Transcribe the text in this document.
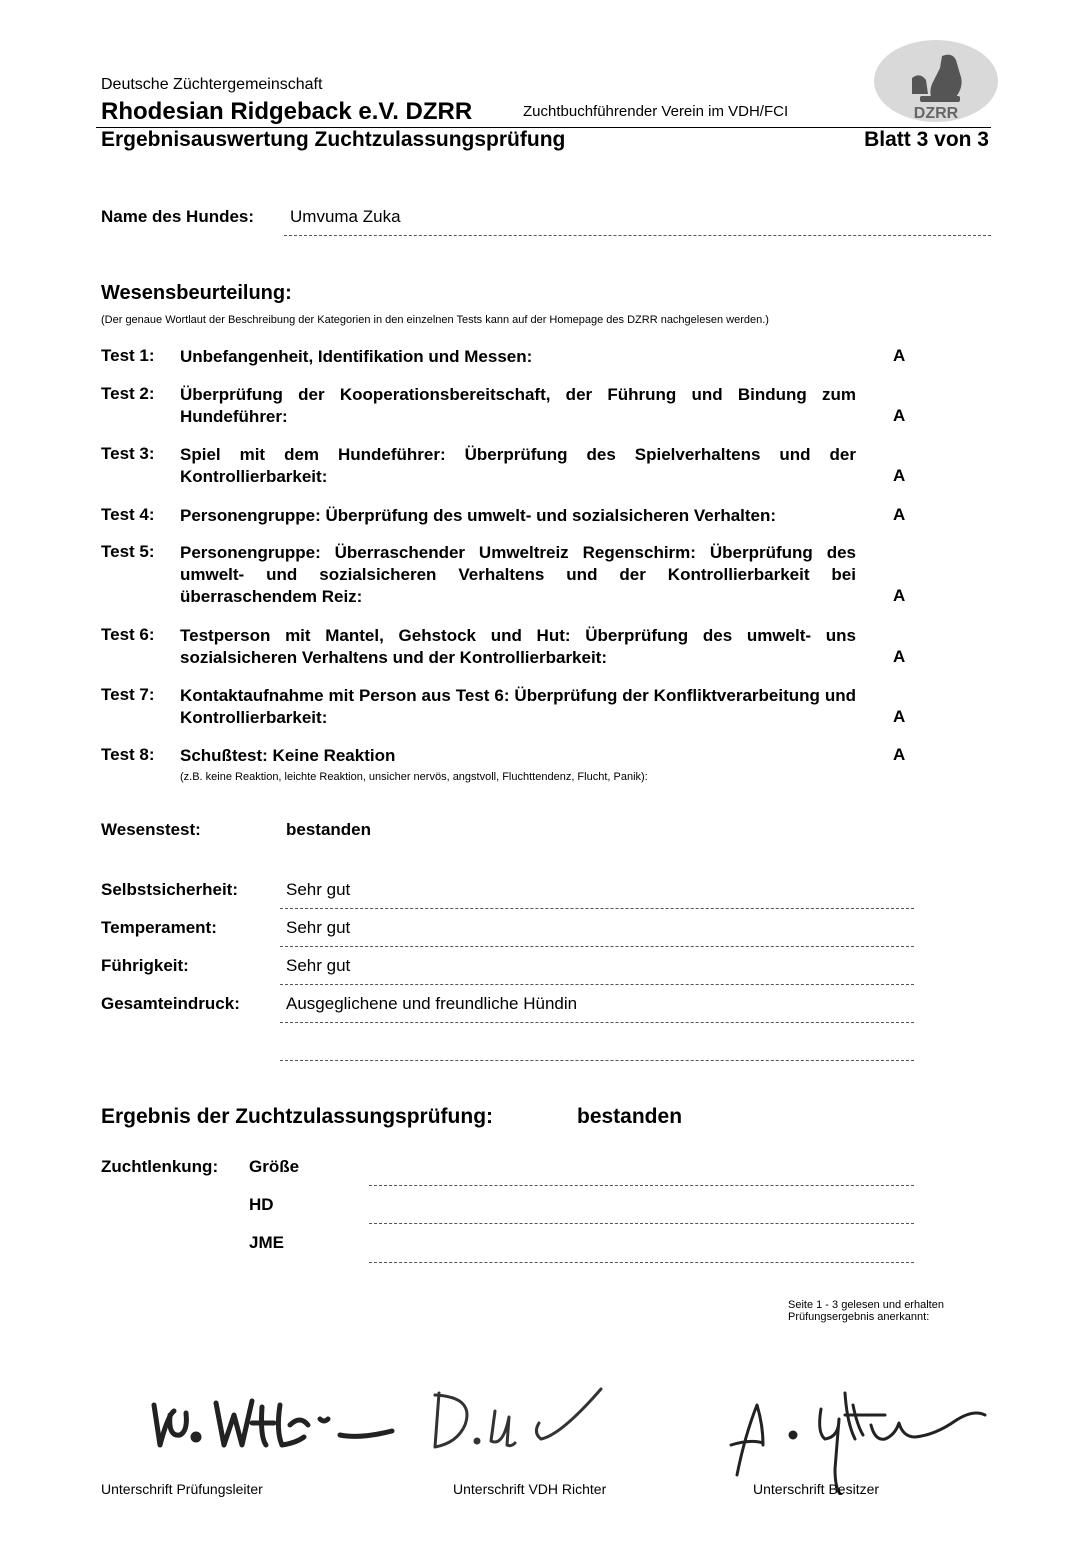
Deutsche Züchtergemeinschaft
Rhodesian Ridgeback e.V. DZRR	Zuchtbuchführender Verein im VDH/FCI
Ergebnisauswertung Zuchtzulassungsprüfung	Blatt 3 von 3
DZRR
Name des Hundes: Umvuma Zuka
Wesensbeurteilung:
(Der genaue Wortlaut der Beschreibung der Kategorien in den einzelnen Tests kann auf der Homepage des DZRR nachgelesen werden.)
Test 1: Unbefangenheit, Identifikation und Messen:	A
Test 2: Überprüfung der Kooperationsbereitschaft, der Führung und Bindung zum Hundeführer:	A
Test 3: Spiel mit dem Hundeführer: Überprüfung des Spielverhaltens und der Kontrollierbarkeit:	A
Test 4: Personengruppe: Überprüfung des umwelt- und sozialsicheren Verhalten:	A
Test 5: Personengruppe: Überraschender Umweltreiz Regenschirm: Überprüfung des umwelt- und sozialsicheren Verhaltens und der Kontrollierbarkeit bei überraschendem Reiz:	A
Test 6: Testperson mit Mantel, Gehstock und Hut: Überprüfung des umwelt- uns sozialsicheren Verhaltens und der Kontrollierbarkeit:	A
Test 7: Kontaktaufnahme mit Person aus Test 6: Überprüfung der Konfliktverarbeitung und Kontrollierbarkeit:	A
Test 8: Schußtest: Keine Reaktion	A
(z.B. keine Reaktion, leichte Reaktion, unsicher nervös, angstvoll, Fluchttendenz, Flucht, Panik):
Wesenstest:	bestanden
Selbstsicherheit:	Sehr gut
Temperament:	Sehr gut
Führigkeit:	Sehr gut
Gesamteindruck:	Ausgeglichene und freundliche Hündin
Ergebnis der Zuchtzulassungsprüfung:	bestanden
Zuchtlenkung: Größe
HD
JME
Seite 1 - 3 gelesen und erhalten Prüfungsergebnis anerkannt:
Unterschrift Prüfungsleiter	Unterschrift VDH Richter	Unterschrift Besitzer
